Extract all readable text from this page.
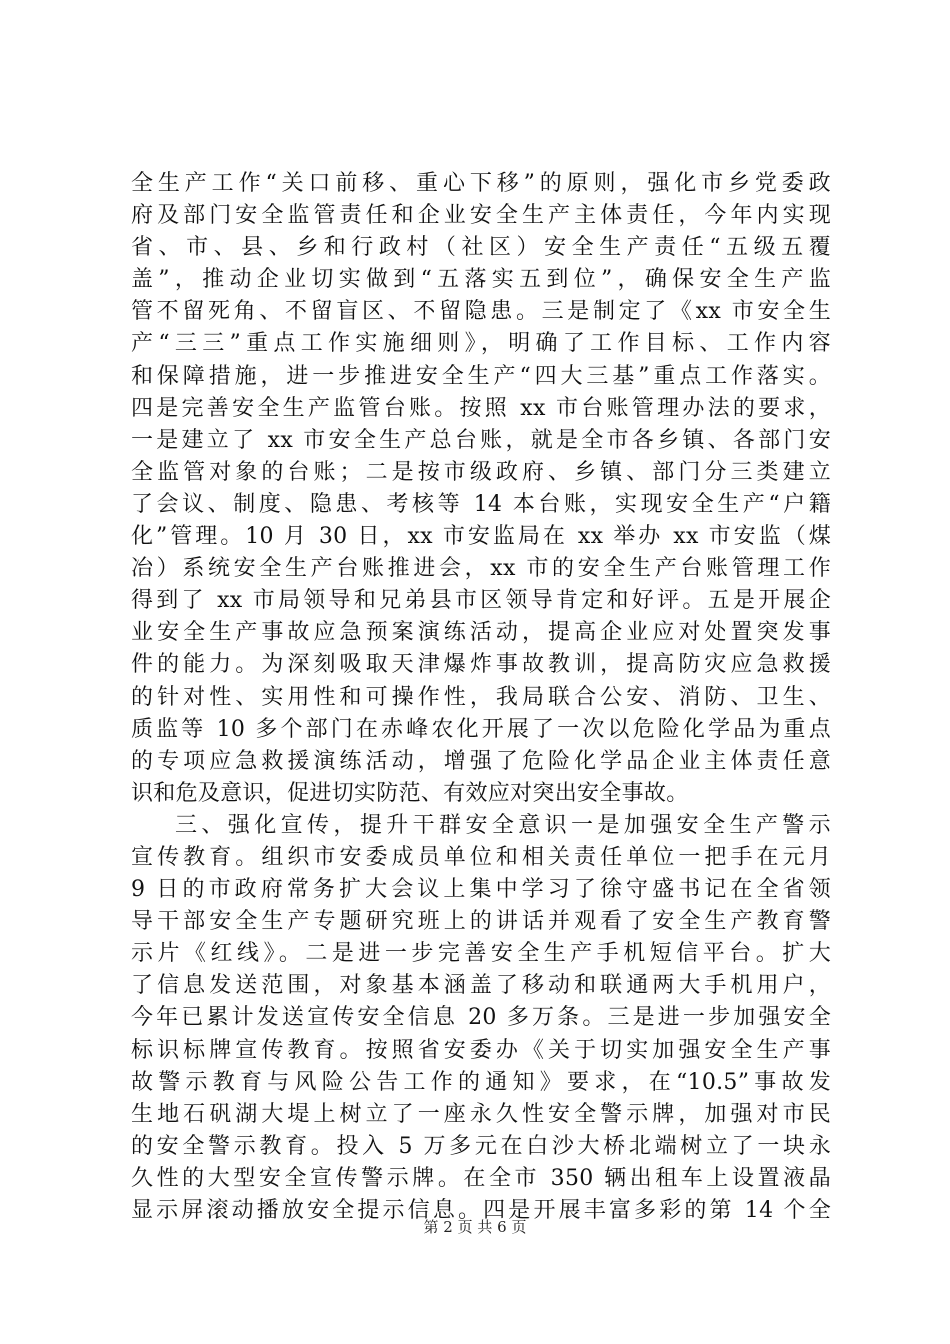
全生产工作“关口前移、重心下移”的原则，强化市乡党委政
府及部门安全监管责任和企业安全生产主体责任，今年内实现
省、市、县、乡和行政村（社区）安全生产责任“五级五覆
盖”，推动企业切实做到“五落实五到位”，确保安全生产监
管不留死角、不留盲区、不留隐患。三是制定了《xx 市安全生
产“三三”重点工作实施细则》，明确了工作目标、工作内容
和保障措施，进一步推进安全生产“四大三基”重点工作落实。
四是完善安全生产监管台账。按照 xx 市台账管理办法的要求，
一是建立了 xx 市安全生产总台账，就是全市各乡镇、各部门安
全监管对象的台账；二是按市级政府、乡镇、部门分三类建立
了会议、制度、隐患、考核等 14 本台账，实现安全生产“户籍
化”管理。10 月 30 日，xx 市安监局在 xx 举办 xx 市安监（煤
冶）系统安全生产台账推进会，xx 市的安全生产台账管理工作
得到了 xx 市局领导和兄弟县市区领导肯定和好评。五是开展企
业安全生产事故应急预案演练活动，提高企业应对处置突发事
件的能力。为深刻吸取天津爆炸事故教训，提高防灾应急救援
的针对性、实用性和可操作性，我局联合公安、消防、卫生、
质监等 10 多个部门在赤峰农化开展了一次以危险化学品为重点
的专项应急救援演练活动，增强了危险化学品企业主体责任意
识和危及意识，促进切实防范、有效应对突出安全事故。
三、强化宣传，提升干群安全意识一是加强安全生产警示
宣传教育。组织市安委成员单位和相关责任单位一把手在元月
9 日的市政府常务扩大会议上集中学习了徐守盛书记在全省领
导干部安全生产专题研究班上的讲话并观看了安全生产教育警
示片《红线》。二是进一步完善安全生产手机短信平台。扩大
了信息发送范围，对象基本涵盖了移动和联通两大手机用户，
今年已累计发送宣传安全信息 20 多万条。三是进一步加强安全
标识标牌宣传教育。按照省安委办《关于切实加强安全生产事
故警示教育与风险公告工作的通知》要求，在“10.5”事故发
生地石矾湖大堤上树立了一座永久性安全警示牌，加强对市民
的安全警示教育。投入 5 万多元在白沙大桥北端树立了一块永
久性的大型安全宣传警示牌。在全市 350 辆出租车上设置液晶
显示屏滚动播放安全提示信息。四是开展丰富多彩的第 14 个全
第 2 页 共 6 页
